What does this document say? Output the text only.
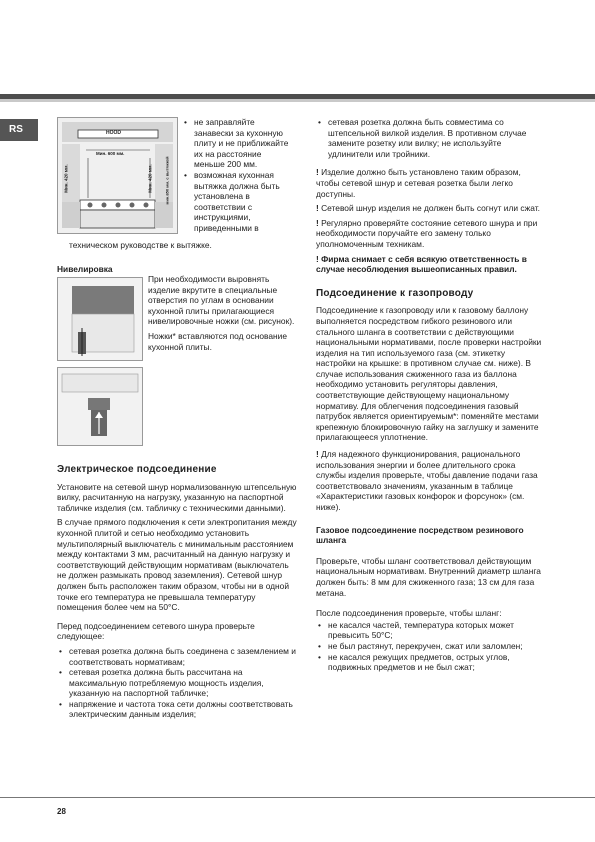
RS	HOOD
Мин. 600 мм.
Мин. 420 мм.	Мин. 420 мм.	мин.650 мм. с вытяжкой

• не заправляйте занавески за кухонную плиту и не приближайте их на расстояние меньше 200 мм.

• возможная кухонная вытяжка должна быть установлена в соответствии с инструкциями, приведенными в

техническом руководстве к вытяжке.
Нивелировка

При необходимости выровнять изделие вкрутите в специальные отверстия по углам в основании кухонной плиты прилагающиеся нивелировочные ножки (см. рисунок).

Ножки* вставляются под основание кухонной плиты.

Электрическое подсоединение

Установите на сетевой шнур нормализованную штепсельную вилку, расчитанную на нагрузку, указанную на паспортной табличке изделия (см. табличку с техническими данными).

В случае прямого подключения к сети электропитания между кухонной плитой и сетью необходимо установить мультиполярный выключатель с минимальным расстоянием между контактами 3 мм, расчитанный на данную нагрузку и соответствующий действующим нормативам (выключатель не должен размыкать провод заземления). Сетевой шнур должен быть расположен таким образом, чтобы ни в одной точке его температура не превышала температуру помещения более чем на 50°С.

Перед подсоединением сетевого шнура проверьте следующее:

• сетевая розетка должна быть соединена с заземлением и соответствовать нормативам;

• сетевая розетка должна быть рассчитана на максимальную потребляемую мощность изделия, указанную на паспортной табличке;

• напряжение и частота тока сети должны соответствовать электрическим данным изделия;

• сетевая розетка должна быть совместима со штепсельной вилкой изделия. В противном случае замените розетку или вилку; не используйте удлинители или тройники.

! Изделие должно быть установлено таким образом, чтобы сетевой шнур и сетевая розетка были легко доступны.

! Сетевой шнур изделия не должен быть согнут или сжат.

! Регулярно проверяйте состояние сетевого шнура и при необходимости поручайте его замену только уполномоченным техникам.

! Фирма снимает с себя всякую ответственность в случае несоблюдения вышеописанных правил.

Подсоединение к газопроводу

Подсоединение к газопроводу или к газовому баллону выполняется посредством гибкого резинового или стального шланга в соответствии с действующими национальными нормативами, после проверки настройки изделия на тип используемого газа (см. этикетку настройки на крышке: в противном случае см. ниже). В случае использования сжиженного газа из баллона необходимо установить регуляторы давления, соответствующие действующему национальному нормативу. Для облегчения подсоединения газовый патрубок является ориентируемым*: поменяйте местами крепежную блокировочную гайку на заглушку и замените прилагающееся уплотнение.

! Для надежного функционирования, рационального использования энергии и более длительного срока службы изделия проверьте, чтобы давление подачи газа соответствовало значениям, указанным в таблице «Характеристики газовых конфорок и форсунок» (см. ниже).

Газовое подсоединение посредством резинового шланга

Проверьте, чтобы шланг соответствовал действующим национальным нормативам. Внутренний диаметр шланга должен быть: 8 мм для сжиженного газа; 13 см для газа метана.

После подсоединения проверьте, чтобы шланг:

• не касался частей, температура которых может превысить 50°С;

• не был растянут, перекручен, сжат или заломлен;

• не касался режущих предметов, острых углов, подвижных предметов и не был сжат;

28
